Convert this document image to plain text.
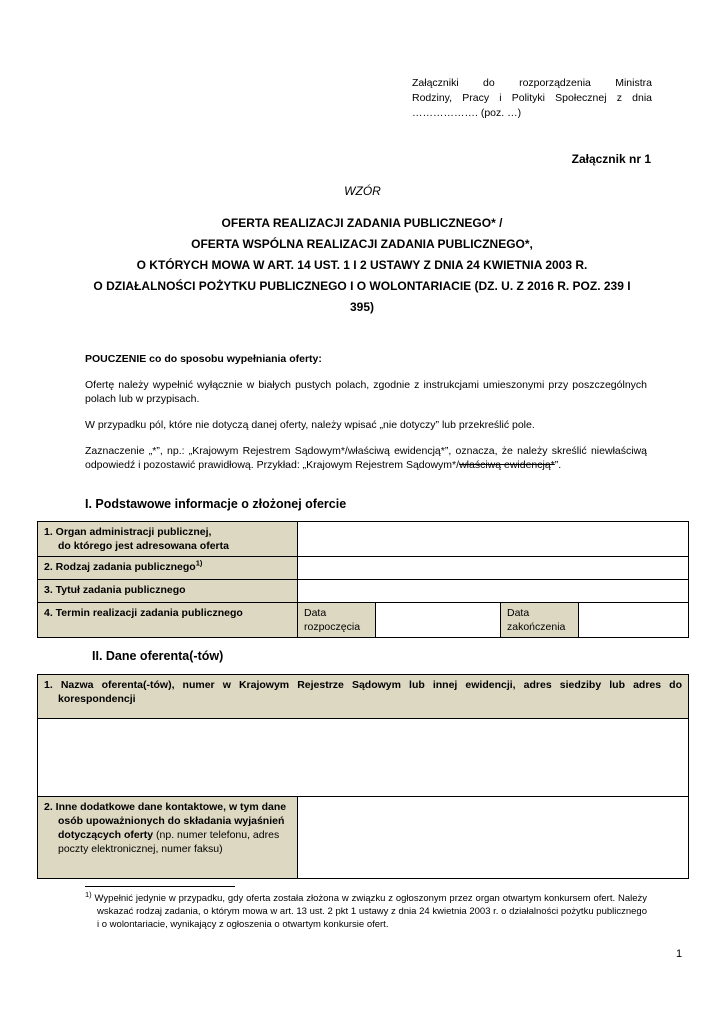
Załączniki do rozporządzenia Ministra
Rodziny, Pracy i Polityki Społecznej z dnia
………………. (poz. …)
Załącznik nr 1
WZÓR
OFERTA REALIZACJI ZADANIA PUBLICZNEGO* /
OFERTA WSPÓLNA REALIZACJI ZADANIA PUBLICZNEGO*,
O KTÓRYCH MOWA W ART. 14 UST. 1 I 2 USTAWY Z DNIA 24 KWIETNIA 2003 R.
O DZIAŁALNOŚCI POŻYTKU PUBLICZNEGO I O WOLONTARIACIE (DZ. U. Z 2016 R. POZ. 239 I
395)
POUCZENIE co do sposobu wypełniania oferty:

Ofertę należy wypełnić wyłącznie w białych pustych polach, zgodnie z instrukcjami umieszonymi przy poszczególnych polach lub w przypisach.

W przypadku pól, które nie dotyczą danej oferty, należy wpisać „nie dotyczy” lub przekreślić pole.

Zaznaczenie „*”, np.: „Krajowym Rejestrem Sądowym*/właściwą ewidencją*”, oznacza, że należy skreślić niewłaściwą odpowiedź i pozostawić prawidłową. Przykład: „Krajowym Rejestrem Sądowym*/właściwą ewidencją*”.

I. Podstawowe informacje o złożonej ofercie
1. Organ administracji publicznej,
do którego jest adresowana oferta				

2. Rodzaj zadania publicznego$^{1)}$	
3. Tytuł zadania publicznego				
4. Termin realizacji zadania publicznego	Data rozpoczęcia		Data zakończenia	
II. Dane oferenta(-tów)
1. Nazwa oferenta(-tów), numer w Krajowym Rejestrze Sądowym lub innej ewidencji, adres siedziby lub adres do korespondencji

2. Inne dodatkowe dane kontaktowe, w tym dane osób upoważnionych do składania wyjaśnień dotyczących oferty (np. numer telefonu, adres poczty elektronicznej, numer faksu)

$^{1)}$ Wypełnić jedynie w przypadku, gdy oferta została złożona w związku z ogłoszonym przez organ otwartym konkursem ofert. Należy wskazać rodzaj zadania, o którym mowa w art. 13 ust. 2 pkt 1 ustawy z dnia 24 kwietnia 2003 r. o działalności pożytku publicznego i o wolontariacie, wynikający z ogłoszenia o otwartym konkursie ofert.
1
